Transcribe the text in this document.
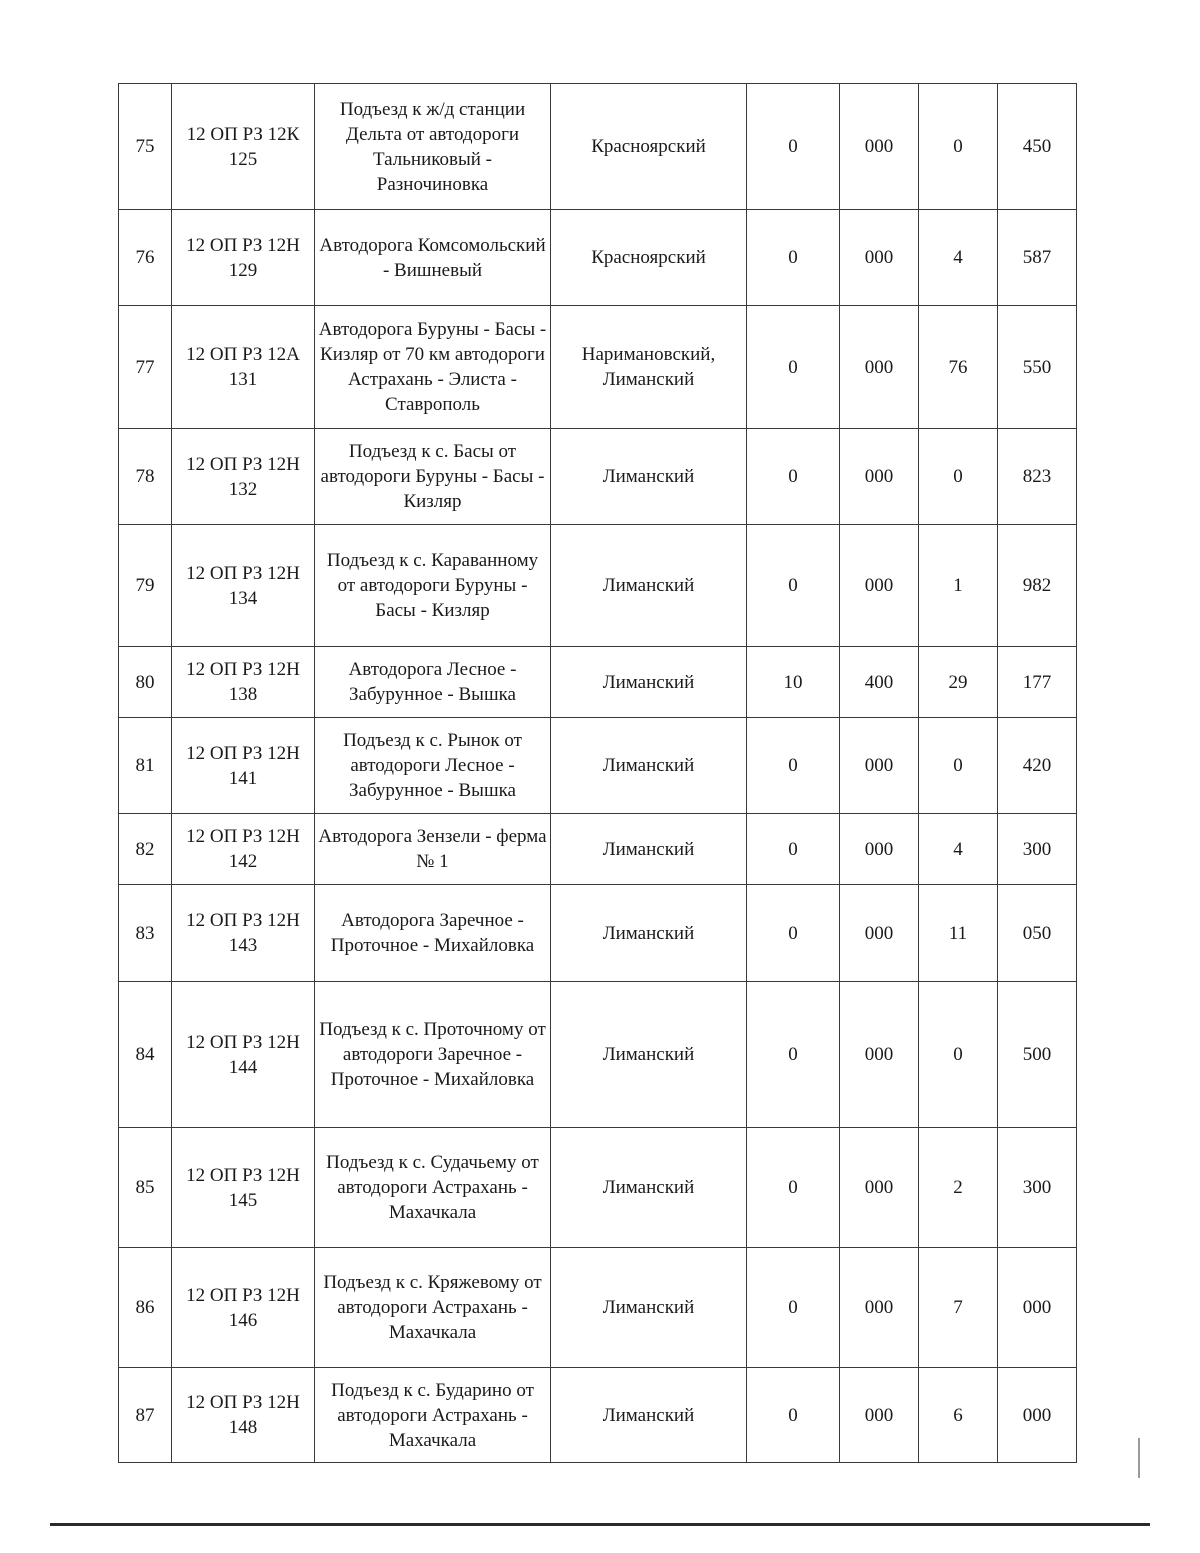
75	12 ОП РЗ 12К 125	Подъезд к ж/д станции Дельта от автодороги Тальниковый - Разночиновка	Красноярский	0	000	0	450
76	12 ОП РЗ 12Н 129	Автодорога Комсомольский - Вишневый	Красноярский	0	000	4	587
77	12 ОП РЗ 12А 131	Автодорога Буруны - Басы - Кизляр от 70 км автодороги Астрахань - Элиста - Ставрополь	Наримановский, Лиманский	0	000	76	550
78	12 ОП РЗ 12Н 132	Подъезд к с. Басы от автодороги Буруны - Басы - Кизляр	Лиманский	0	000	0	823
79	12 ОП РЗ 12Н 134	Подъезд к с. Караванному от автодороги Буруны - Басы - Кизляр	Лиманский	0	000	1	982
80	12 ОП РЗ 12Н 138	Автодорога Лесное - Забурунное - Вышка	Лиманский	10	400	29	177
81	12 ОП РЗ 12Н 141	Подъезд к с. Рынок от автодороги Лесное - Забурунное - Вышка	Лиманский	0	000	0	420
82	12 ОП РЗ 12Н 142	Автодорога Зензели - ферма № 1	Лиманский	0	000	4	300
83	12 ОП РЗ 12Н 143	Автодорога Заречное - Проточное - Михайловка	Лиманский	0	000	11	050
84	12 ОП РЗ 12Н 144	Подъезд к с. Проточному от автодороги Заречное - Проточное - Михайловка	Лиманский	0	000	0	500
85	12 ОП РЗ 12Н 145	Подъезд к с. Судачьему от автодороги Астрахань - Махачкала	Лиманский	0	000	2	300
86	12 ОП РЗ 12Н 146	Подъезд к с. Кряжевому от автодороги Астрахань - Махачкала	Лиманский	0	000	7	000
87	12 ОП РЗ 12Н 148	Подъезд к с. Бударино от автодороги Астрахань - Махачкала	Лиманский	0	000	6	000
